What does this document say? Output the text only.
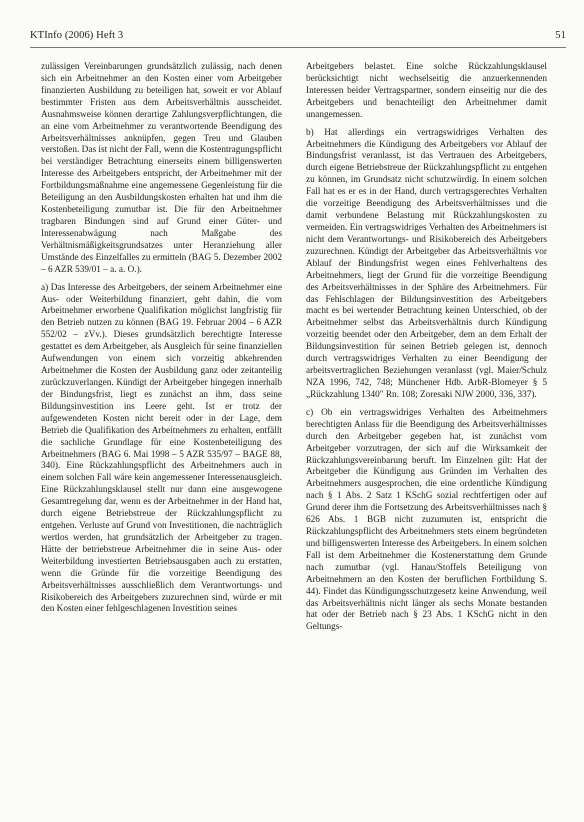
KTInfo (2006) Heft 3	51

zulässigen Vereinbarungen grundsätzlich zulässig, nach denen sich ein Arbeitnehmer an den Kosten einer vom Arbeitgeber finanzierten Ausbildung zu beteiligen hat, soweit er vor Ablauf bestimmter Fristen aus dem Arbeitsverhältnis ausscheidet. Ausnahmsweise können derartige Zahlungsverpflichtungen, die an eine vom Arbeitnehmer zu verantwortende Beendigung des Arbeitsverhältnisses anknüpfen, gegen Treu und Glauben verstoßen. Das ist nicht der Fall, wenn die Kostentragungspflicht bei verständiger Betrachtung einerseits einem billigenswerten Interesse des Arbeitgebers entspricht, der Arbeitnehmer mit der Fortbildungsmaßnahme eine angemessene Gegenleistung für die Beteiligung an den Ausbildungskosten erhalten hat und ihm die Kostenbeteiligung zumutbar ist. Die für den Arbeitnehmer tragbaren Bindungen sind auf Grund einer Güter- und Interessenabwägung nach Maßgabe des Verhältnismäßigkeitsgrundsatzes unter Heranziehung aller Umstände des Einzelfalles zu ermitteln (BAG 5. Dezember 2002 – 6 AZR 539/01 – a. a. O.).

a) Das Interesse des Arbeitgebers, der seinem Arbeitnehmer eine Aus- oder Weiterbildung finanziert, geht dahin, die vom Arbeitnehmer erworbene Qualifikation möglichst langfristig für den Betrieb nutzen zu können (BAG 19. Februar 2004 – 6 AZR 552/02 – zVv.). Dieses grundsätzlich berechtigte Interesse gestattet es dem Arbeitgeber, als Ausgleich für seine finanziellen Aufwendungen von einem sich vorzeitig abkehrenden Arbeitnehmer die Kosten der Ausbildung ganz oder zeitanteilig zurückzuverlangen. Kündigt der Arbeitgeber hingegen innerhalb der Bindungsfrist, liegt es zunächst an ihm, dass seine Bildungsinvestition ins Leere geht. Ist er trotz der aufgewendeten Kosten nicht bereit oder in der Lage, dem Betrieb die Qualifikation des Arbeitnehmers zu erhalten, entfällt die sachliche Grundlage für eine Kostenbeteiligung des Arbeitnehmers (BAG 6. Mai 1998 – 5 AZR 535/97 – BAGE 88, 340). Eine Rückzahlungspflicht des Arbeitnehmers auch in einem solchen Fall wäre kein angemessener Interessenausgleich. Eine Rückzahlungsklausel stellt nur dann eine ausgewogene Gesamtregelung dar, wenn es der Arbeitnehmer in der Hand hat, durch eigene Betriebstreue der Rückzahlungspflicht zu entgehen. Verluste auf Grund von Investitionen, die nachträglich wertlos werden, hat grundsätzlich der Arbeitgeber zu tragen. Hätte der betriebstreue Arbeitnehmer die in seine Aus- oder Weiterbildung investierten Betriebsausgaben auch zu erstatten, wenn die Gründe für die vorzeitige Beendigung des Arbeitsverhältnisses ausschließlich dem Verantwortungs- und Risikobereich des Arbeitgebers zuzurechnen sind, würde er mit den Kosten einer fehlgeschlagenen Investition seines

Arbeitgebers belastet. Eine solche Rückzahlungsklausel berücksichtigt nicht wechselseitig die anzuerkennenden Interessen beider Vertragspartner, sondern einseitig nur die des Arbeitgebers und benachteiligt den Arbeitnehmer damit unangemessen.

b) Hat allerdings ein vertragswidriges Verhalten des Arbeitnehmers die Kündigung des Arbeitgebers vor Ablauf der Bindungsfrist veranlasst, ist das Vertrauen des Arbeitgebers, durch eigene Betriebstreue der Rückzahlungspflicht zu entgehen zu können, im Grundsatz nicht schutzwürdig. In einem solchen Fall hat es er es in der Hand, durch vertragsgerechtes Verhalten die vorzeitige Beendigung des Arbeitsverhältnisses und die damit verbundene Belastung mit Rückzahlungskosten zu vermeiden. Ein vertragswidriges Verhalten des Arbeitnehmers ist nicht dem Verantwortungs- und Risikobereich des Arbeitgebers zuzurechnen. Kündigt der Arbeitgeber das Arbeitsverhältnis vor Ablauf der Bindungsfrist wegen eines Fehlverhaltens des Arbeitnehmers, liegt der Grund für die vorzeitige Beendigung des Arbeitsverhältnisses in der Sphäre des Arbeitnehmers. Für das Fehlschlagen der Bildungsinvestition des Arbeitgebers macht es bei wertender Betrachtung keinen Unterschied, ob der Arbeitnehmer selbst das Arbeitsverhältnis durch Kündigung vorzeitig beendet oder den Arbeitgeber, dem an dem Erhalt der Bildungsinvestition für seinen Betrieb gelegen ist, dennoch durch vertragswidriges Verhalten zu einer Beendigung der arbeitsvertraglichen Beziehungen veranlasst (vgl. Maier/Schulz NZA 1996, 742, 748; Münchener Hdb. ArbR-Blomeyer § 5 „Rückzahlung 1340" Rn. 108; Zoresaki NJW 2000, 336, 337).

c) Ob ein vertragswidriges Verhalten des Arbeitnehmers berechtigten Anlass für die Beendigung des Arbeitsverhältnisses durch den Arbeitgeber gegeben hat, ist zunächst vom Arbeitgeber vorzutragen, der sich auf die Wirksamkeit der Rückzahlungsvereinbarung beruft. Im Einzelnen gilt: Hat der Arbeitgeber die Kündigung aus Gründen im Verhalten des Arbeitnehmers ausgesprochen, die eine ordentliche Kündigung nach § 1 Abs. 2 Satz 1 KSchG sozial rechtfertigen oder auf Grund derer ihm die Fortsetzung des Arbeitsverhältnisses nach § 626 Abs. 1 BGB nicht zuzumuten ist, entspricht die Rückzahlungspflicht des Arbeitnehmers stets einem begründeten und billigenswerten Interesse des Arbeitgebers. In einem solchen Fall ist dem Arbeitnehmer die Kostenerstattung dem Grunde nach zumutbar (vgl. Hanau/Stoffels Beteiligung von Arbeitnehmern an den Kosten der beruflichen Fortbildung S. 44). Findet das Kündigungsschutzgesetz keine Anwendung, weil das Arbeitsverhältnis nicht länger als sechs Monate bestanden hat oder der Betrieb nach § 23 Abs. 1 KSchG nicht in den Geltungs-
